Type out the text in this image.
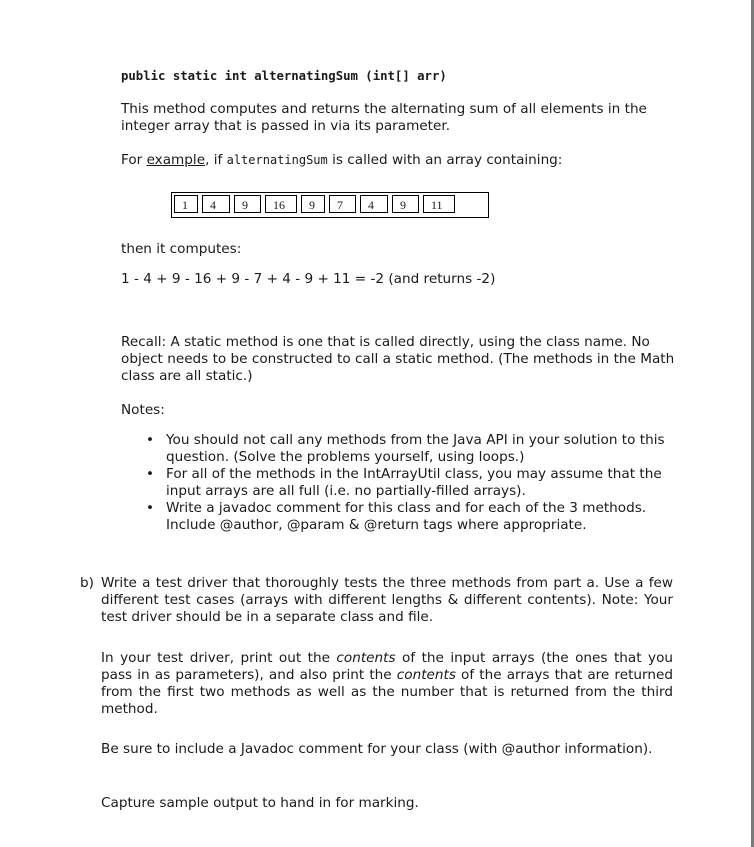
public static int alternatingSum (int[] arr)

This method computes and returns the alternating sum of all elements in the integer array that is passed in via its parameter.

For example, if alternatingSum is called with an array containing:

1	4	9	16	9	7	4	9	11

then it computes:

1 - 4 + 9 - 16 + 9 - 7 + 4 - 9 + 11 = -2 (and returns -2)

Recall: A static method is one that is called directly, using the class name. No object needs to be constructed to call a static method. (The methods in the Math class are all static.)

Notes:

• You should not call any methods from the Java API in your solution to this question. (Solve the problems yourself, using loops.)
• For all of the methods in the IntArrayUtil class, you may assume that the input arrays are all full (i.e. no partially-filled arrays).
• Write a javadoc comment for this class and for each of the 3 methods. Include @author, @param & @return tags where appropriate.

b) Write a test driver that thoroughly tests the three methods from part a. Use a few different test cases (arrays with different lengths & different contents). Note: Your test driver should be in a separate class and file.

In your test driver, print out the contents of the input arrays (the ones that you pass in as parameters), and also print the contents of the arrays that are returned from the first two methods as well as the number that is returned from the third method.

Be sure to include a Javadoc comment for your class (with @author information).

Capture sample output to hand in for marking.
